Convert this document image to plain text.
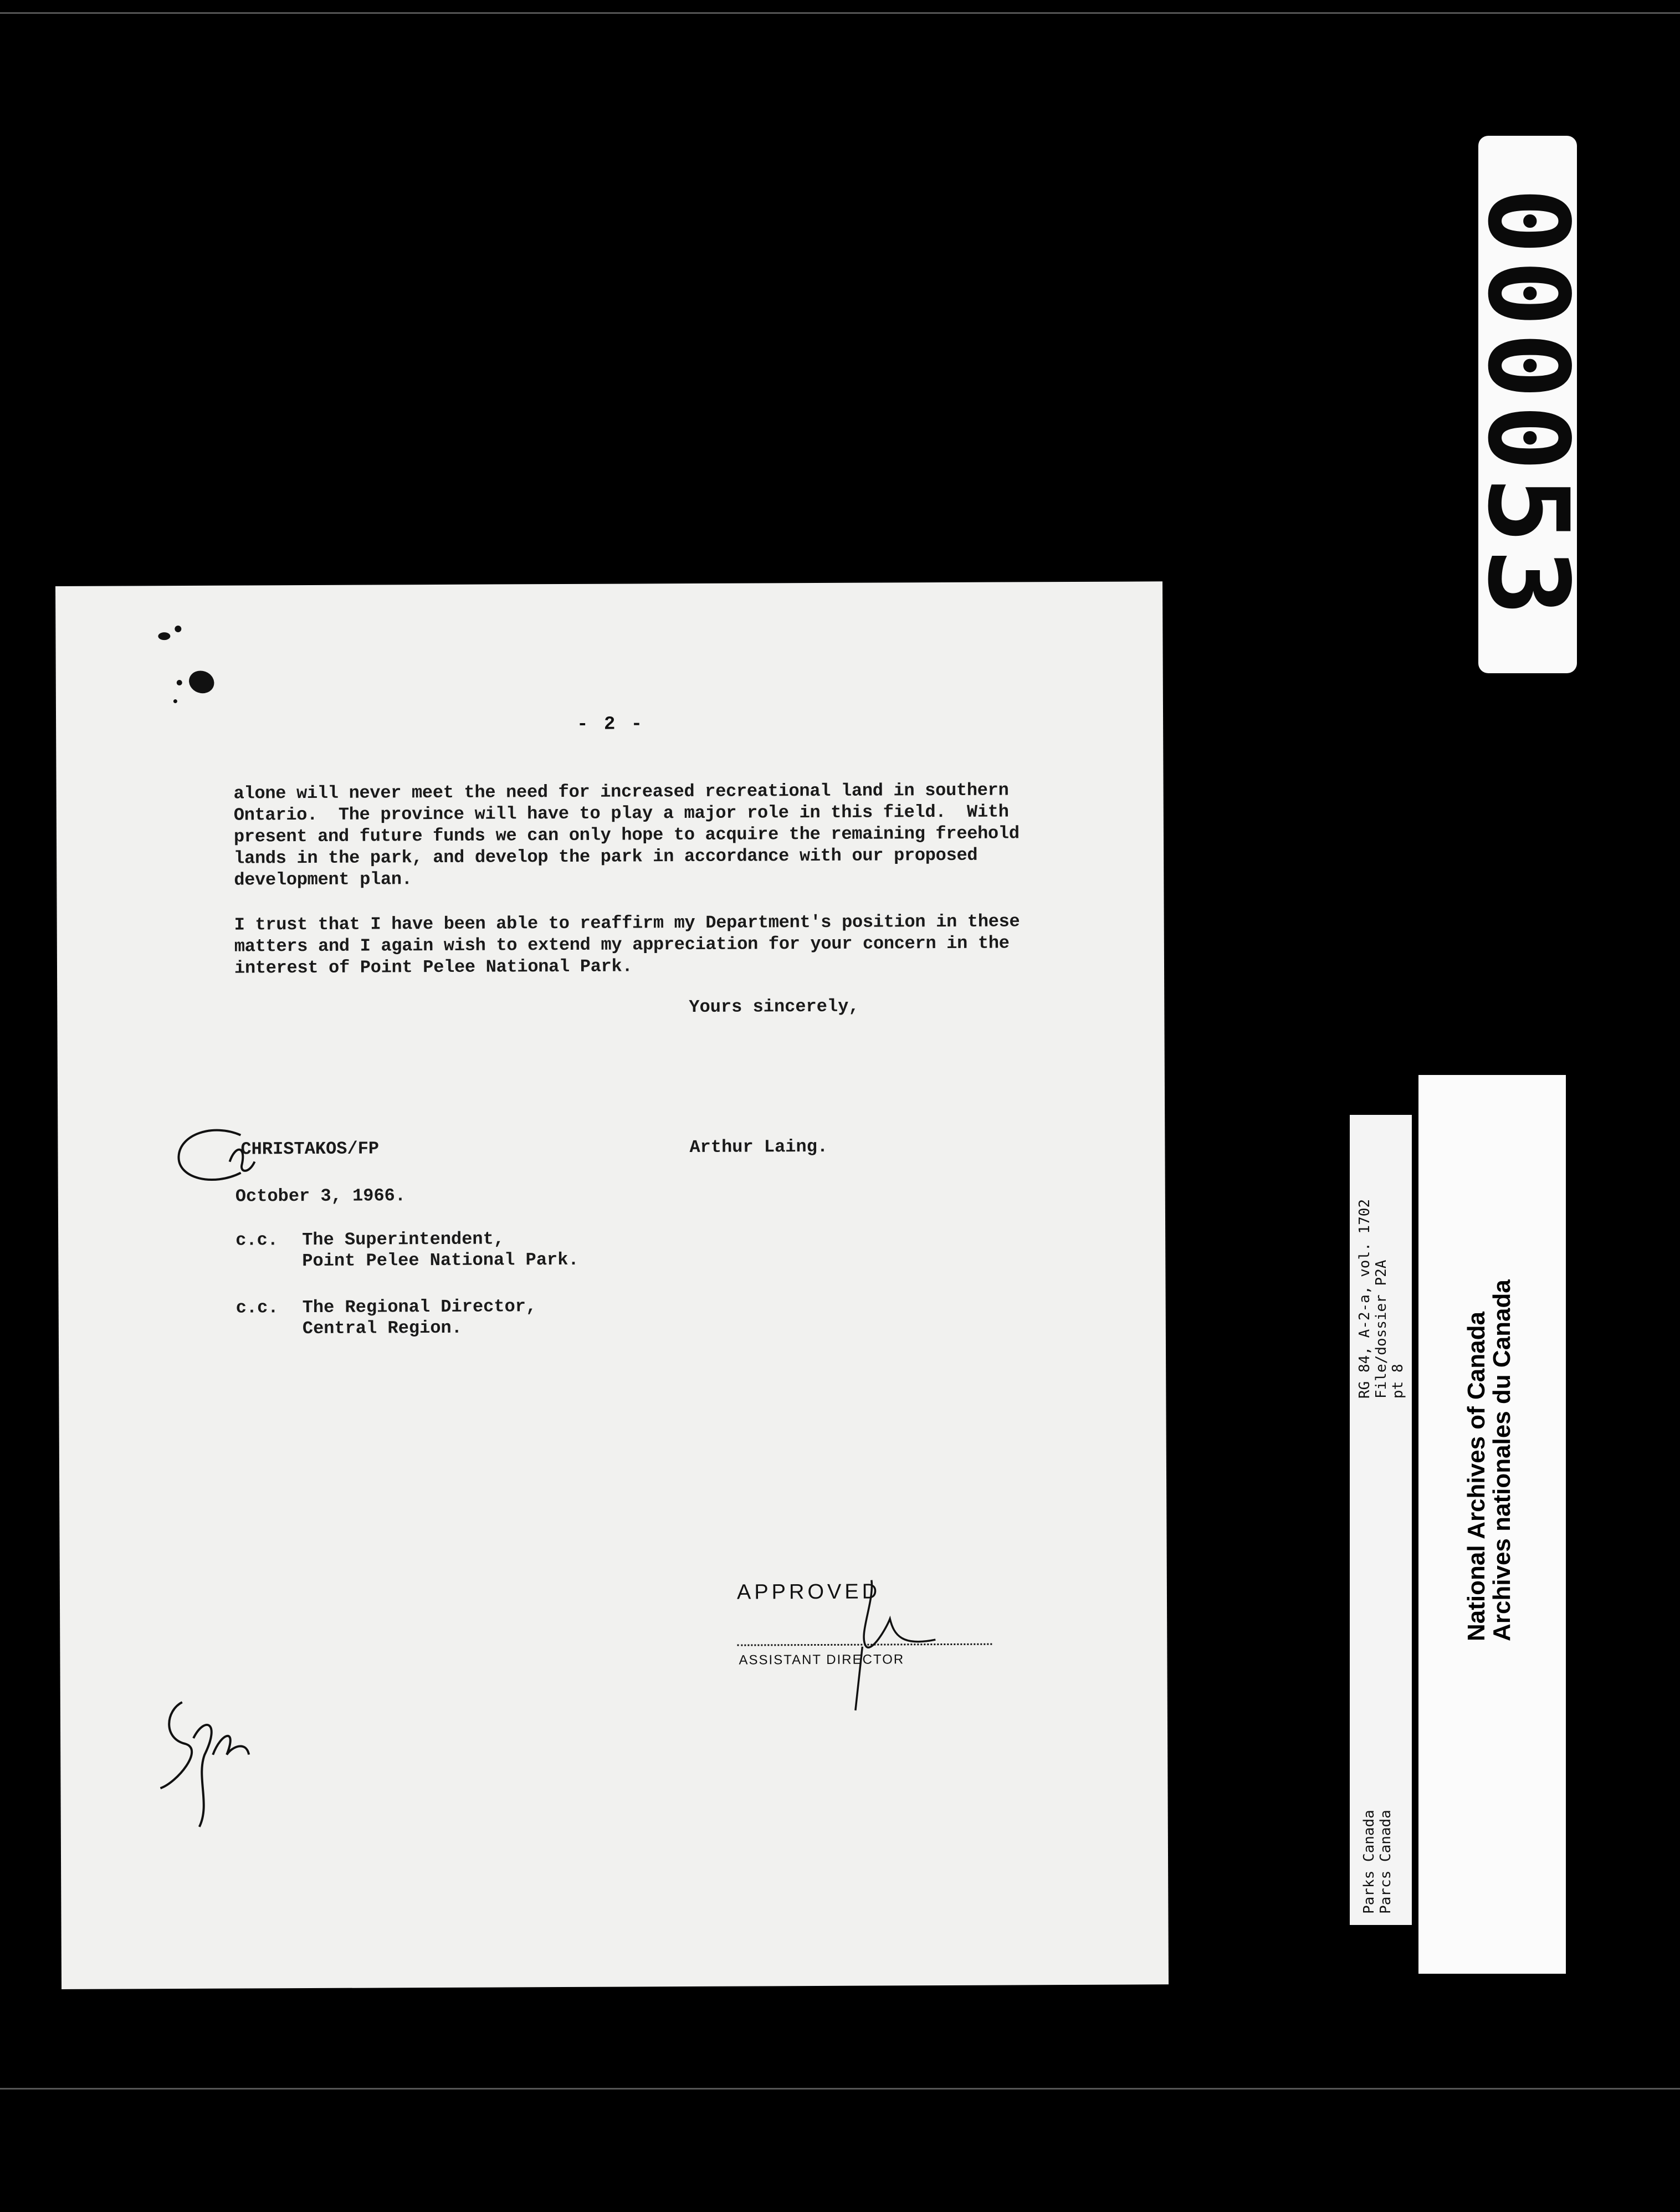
- 2 -

alone will never meet the need for increased recreational land in southern
Ontario.  The province will have to play a major role in this field.  With
present and future funds we can only hope to acquire the remaining freehold
lands in the park, and develop the park in accordance with our proposed
development plan.

I trust that I have been able to reaffirm my Department's position in these
matters and I again wish to extend my appreciation for your concern in the
interest of Point Pelee National Park.

Yours sincerely,
CHRISTAKOS/FP	Arthur Laing.
October 3, 1966.
c.c. The Superintendent,
Point Pelee National Park.
c.c. The Regional Director,
Central Region.
APPROVED
ASSISTANT DIRECTOR
000053
Parks Canada Parcs Canada
RG 84, A-2-a, vol. 1702 File/dossier P2A pt 8 National Archives of Canada
Archives nationales du Canada
